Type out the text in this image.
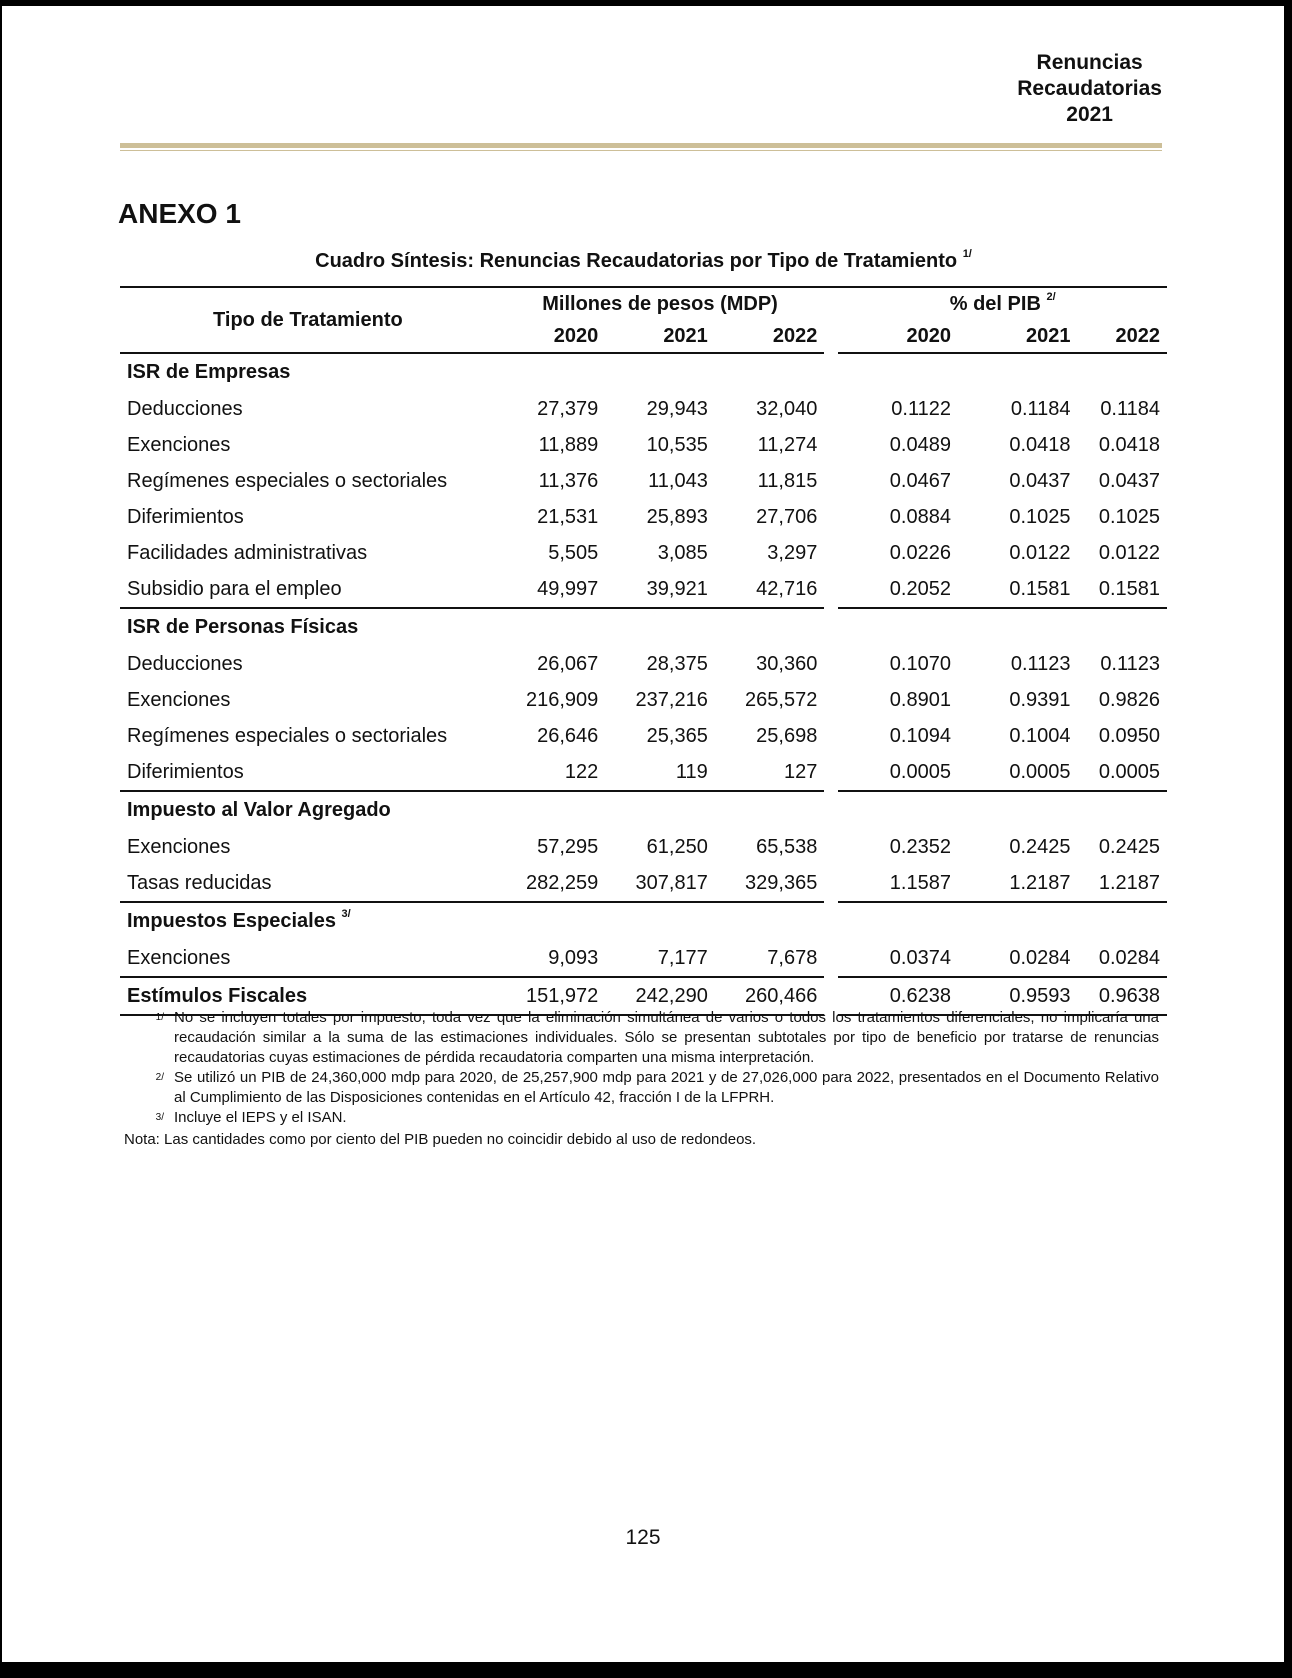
Renuncias
Recaudatorias
2021
ANEXO 1
Cuadro Síntesis: Renuncias Recaudatorias por Tipo de Tratamiento $^{1/}$
Tipo de Tratamiento	Millones de pesos (MDP)				% del PIB $^{2/}$
	2020	2021	2022		2020	2021	2022
ISR de Empresas							
Deducciones	27,379	29,943	32,040		0.1122	0.1184	0.1184
Exenciones	11,889	10,535	11,274		0.0489	0.0418	0.0418
Regímenes especiales o sectoriales	11,376	11,043	11,815		0.0467	0.0437	0.0437
Diferimientos	21,531	25,893	27,706		0.0884	0.1025	0.1025
Facilidades administrativas	5,505	3,085	3,297		0.0226	0.0122	0.0122
Subsidio para el empleo	49,997	39,921	42,716		0.2052	0.1581	0.1581
ISR de Personas Físicas							
Deducciones	26,067	28,375	30,360		0.1070	0.1123	0.1123
Exenciones	216,909	237,216	265,572		0.8901	0.9391	0.9826
Regímenes especiales o sectoriales	26,646	25,365	25,698		0.1094	0.1004	0.0950
Diferimientos	122	119	127		0.0005	0.0005	0.0005
Impuesto al Valor Agregado							
Exenciones	57,295	61,250	65,538		0.2352	0.2425	0.2425
Tasas reducidas	282,259	307,817	329,365		1.1587	1.2187	1.2187
Impuestos Especiales $^{3/}$
Exenciones	9,093	7,177	7,678		0.0374	0.0284	0.0284
Estímulos Fiscales	151,972	242,290	260,466		0.6238	0.9593	0.9638
1/ No se incluyen totales por impuesto, toda vez que la eliminación simultánea de varios o todos los tratamientos diferenciales, no implicaría una recaudación similar a la suma de las estimaciones individuales. Sólo se presentan subtotales por tipo de beneficio por tratarse de renuncias recaudatorias cuyas estimaciones de pérdida recaudatoria comparten una misma interpretación.
2/ Se utilizó un PIB de 24,360,000 mdp para 2020, de 25,257,900 mdp para 2021 y de 27,026,000 para 2022, presentados en el Documento Relativo al Cumplimiento de las Disposiciones contenidas en el Artículo 42, fracción I de la LFPRH.
3/ Incluye el IEPS y el ISAN.
Nota: Las cantidades como por ciento del PIB pueden no coincidir debido al uso de redondeos.
125
